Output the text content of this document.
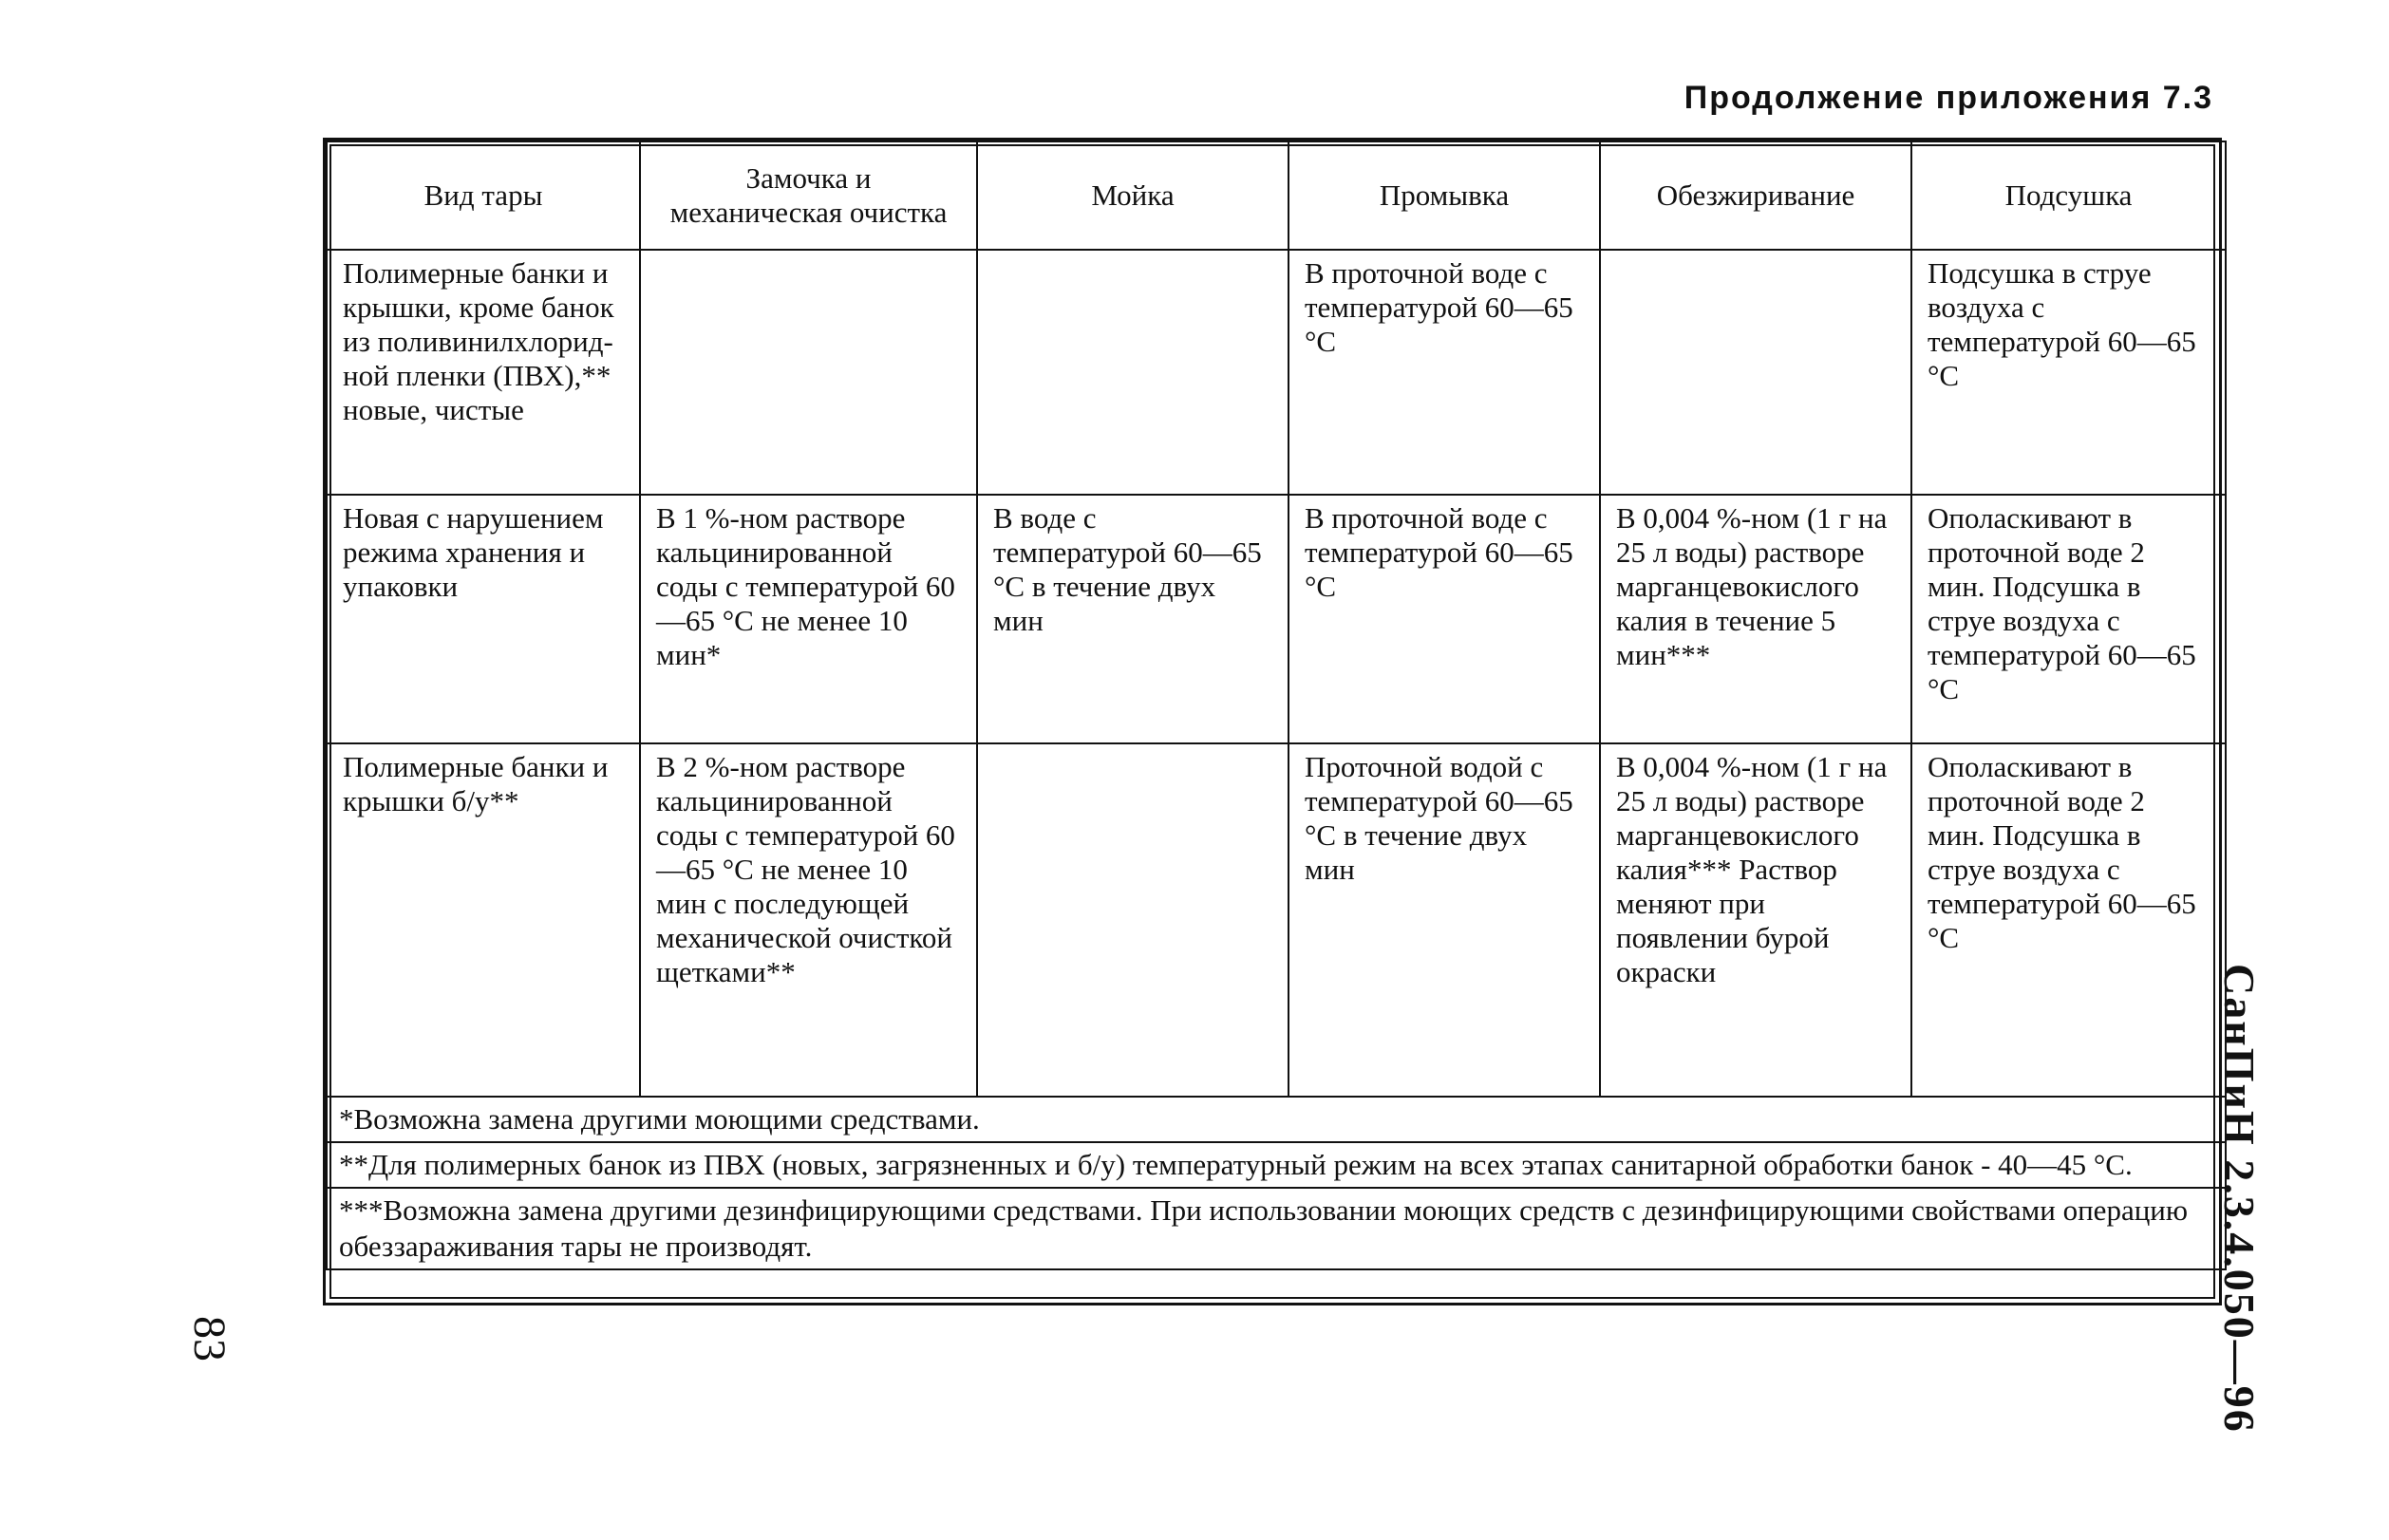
Продолжение приложения 7.3
Вид тары	Замочка и механическая очистка	Мойка	Промывка	Обезжиривание	Подсушка
Полимерные банки и крышки, кроме банок из поливинилхлорид-ной пленки (ПВХ),** новые, чистые			В проточной воде с температурой 60—65 °С		Подсушка в струе воздуха с температурой 60—65 °С
Новая с нарушением режима хранения и упаковки	В 1 %-ном растворе кальцинированной соды с температурой 60—65 °С не менее 10 мин*	В воде с температурой 60—65 °С в течение двух мин	В проточной воде с температурой 60—65 °С	В 0,004 %-ном (1 г на 25 л воды) растворе марганцевокислого калия в течение 5 мин***	Ополаскивают в проточной воде 2 мин. Подсушка в струе воздуха с температурой 60—65 °С
Полимерные банки и крышки б/у**	В 2 %-ном растворе кальцинированной соды с температурой 60—65 °С не менее 10 мин с последующей механической очисткой щетками**		Проточной водой с температурой 60—65 °С в течение двух мин	В 0,004 %-ном (1 г на 25 л воды) растворе марганцевокислого калия*** Раствор меняют при появлении бурой окраски	Ополаскивают в проточной воде 2 мин. Подсушка в струе воздуха с температурой 60—65 °С
*Возможна замена другими моющими средствами.					
**Для полимерных банок из ПВХ (новых, загрязненных и б/у) температурный режим на всех этапах санитарной обработки банок - 40—45 °С.					
***Возможна замена другими дезинфицирующими средствами. При использовании моющих средств с дезинфицирующими свойствами операцию обеззараживания тары не производят.						СанПиН 2.3.4.050—96
83
